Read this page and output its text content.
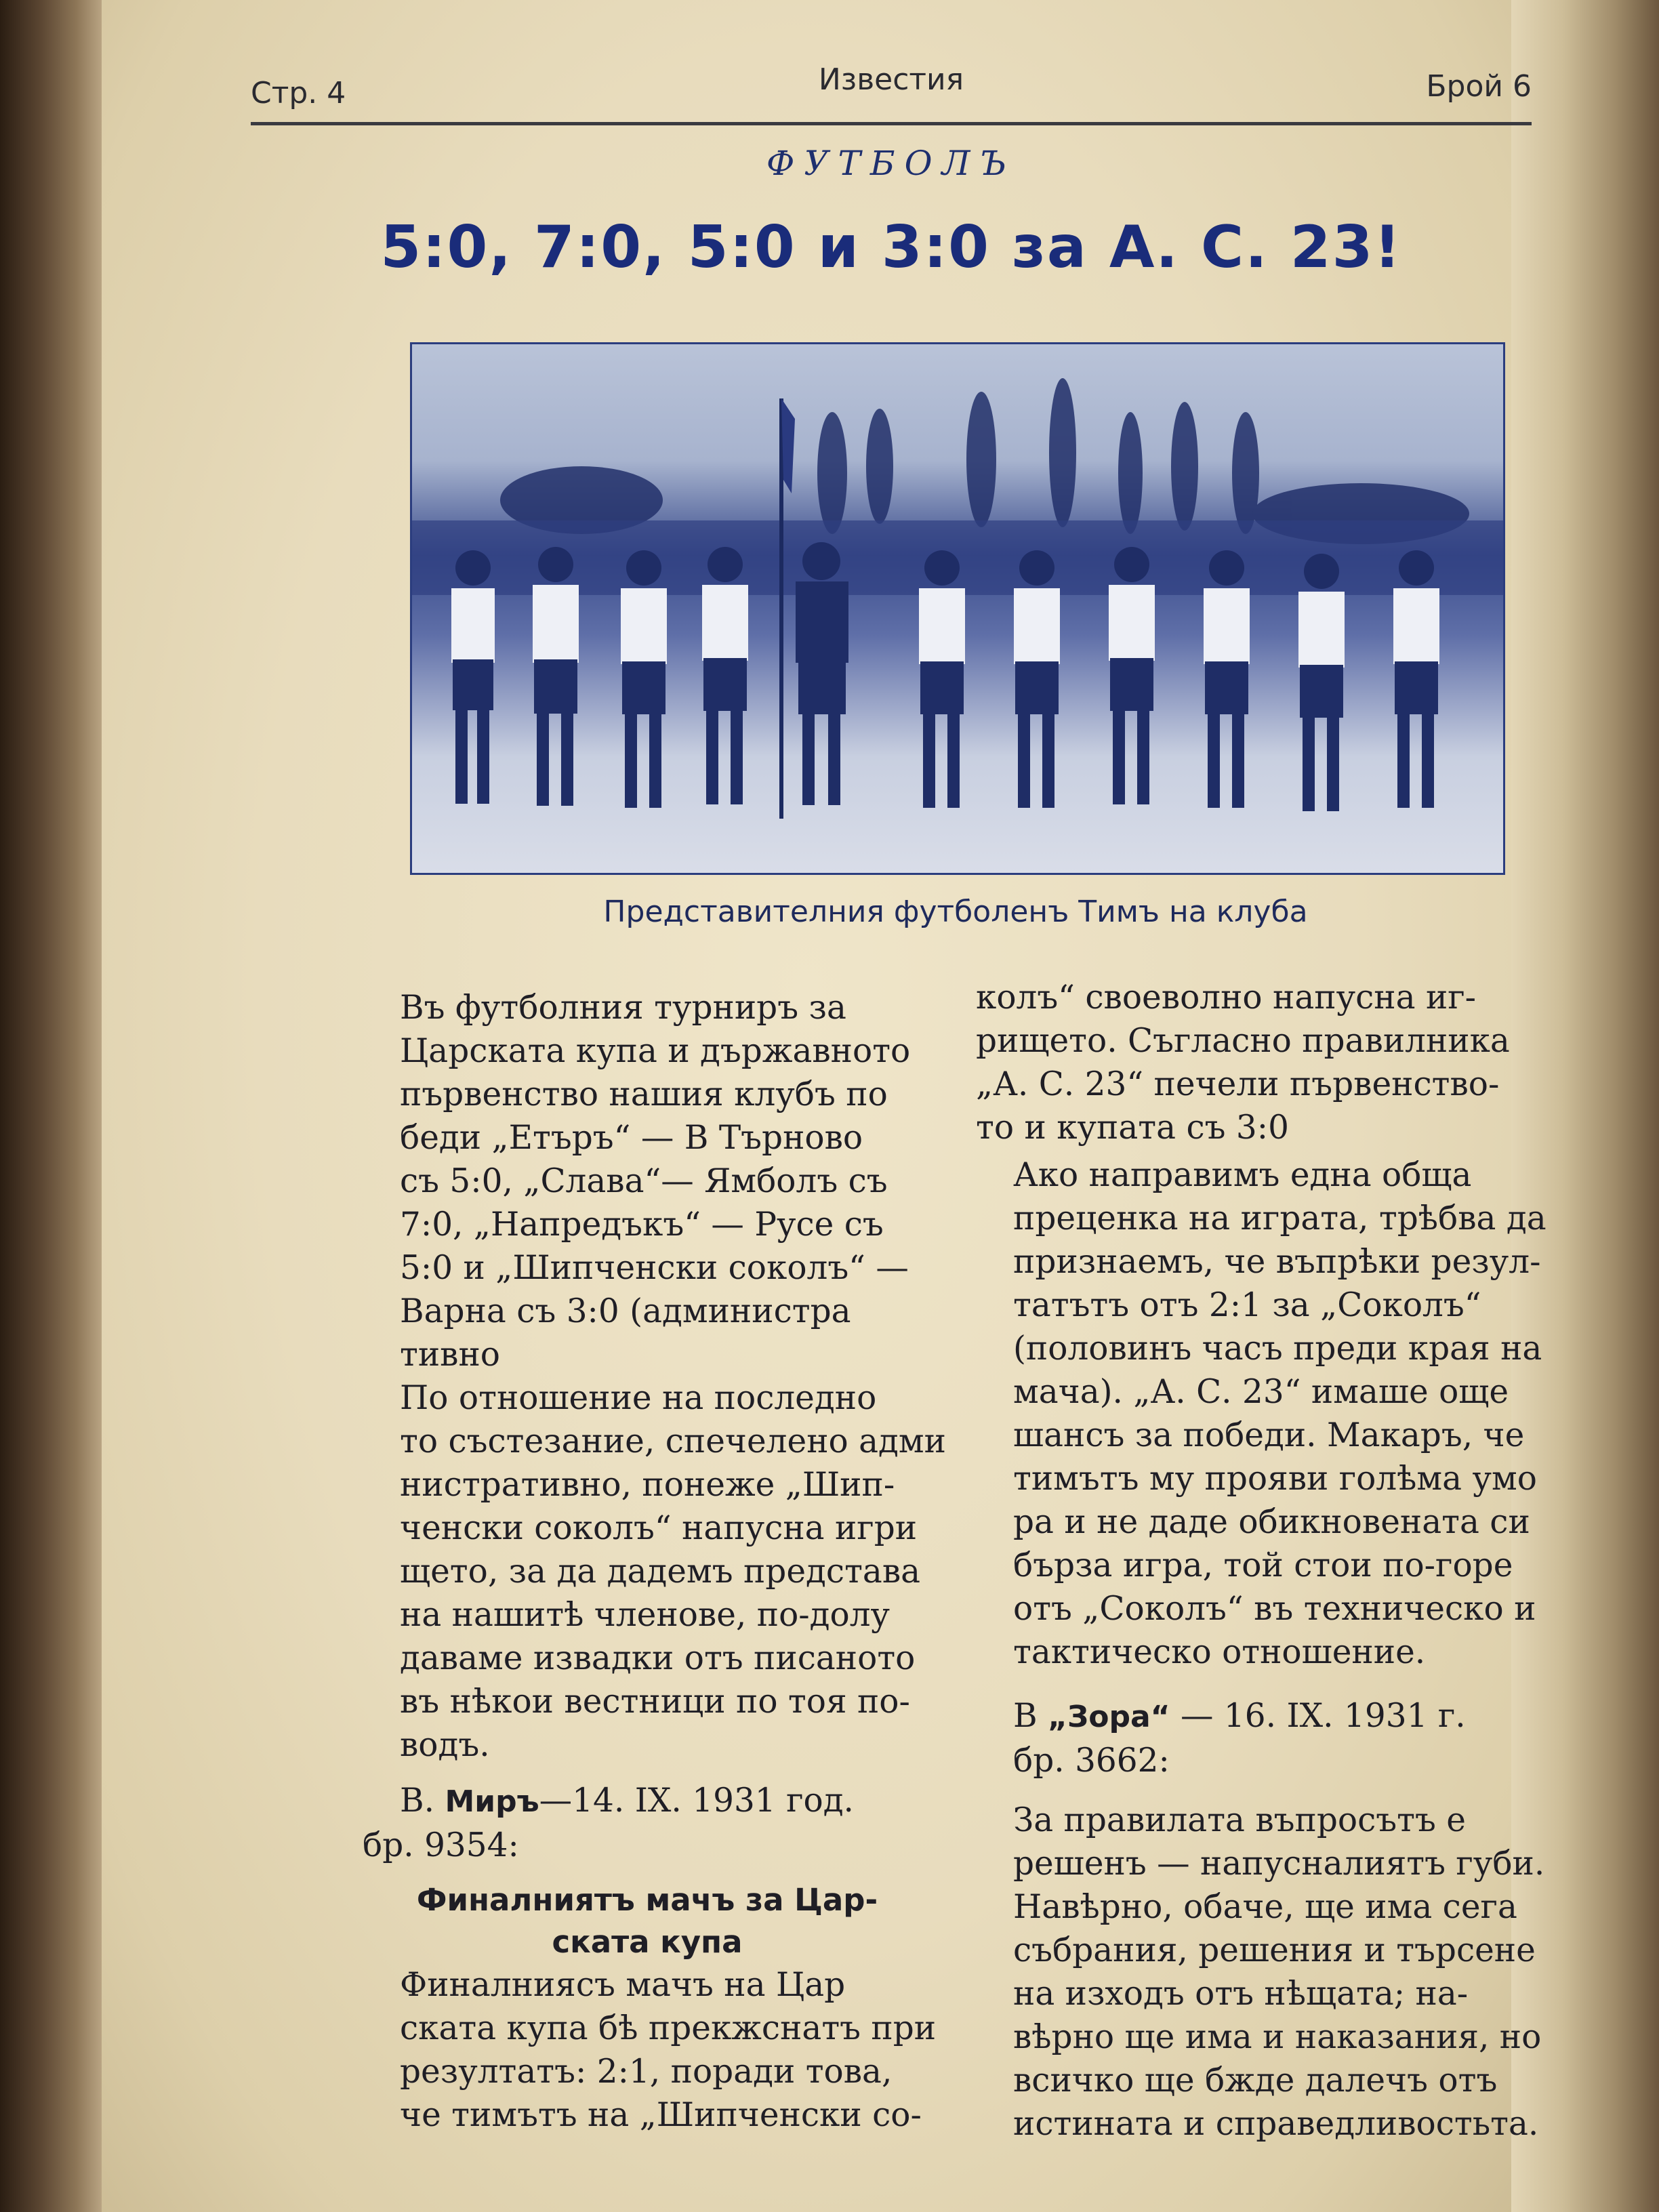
Стр. 4	Известия	Брой 6
ФУТБОЛЪ
5:0, 7:0, 5:0 и 3:0 за А. С. 23!
Представителния футболенъ Тимъ на клуба

Въ футболния турниръ за
Царската купа и държавното
първенство нашия клубъ по
беди „Етъръ“ — В Търново
съ 5:0, „Слава“— Ямболъ съ
7:0, „Напредъкъ“ — Русе съ
5:0 и „Шипченски соколъ“ —
Варна съ 3:0 (администра
тивно

По отношение на последно
то състезание, спечелено адми
нистративно, понеже „Шип-
ченски соколъ“ напусна игри
щето, за да дадемъ представа
на нашитѣ членове, по-долу
даваме извадки отъ писаното
въ нѣкои вестници по тоя по-
водъ.

В. Миръ—14. IX. 1931 год.
бр. 9354:

Финалниятъ мачъ за Цар-
ската купа

Финалниясъ мачъ на Цар
ската купа бѣ прекжснатъ при
резултатъ: 2:1, поради това,
че тимътъ на „Шипченски со-

колъ“ своеволно напусна иг-
рището. Съгласно правилника
„А. С. 23“ печели първенство-
то и купата съ 3:0

Ако направимъ една обща
преценка на играта, трѣбва да
признаемъ, че въпрѣки резул-
татътъ отъ 2:1 за „Соколъ“
(половинъ часъ преди края на
мача). „А. С. 23“ имаше още
шансъ за победи. Макаръ, че
тимътъ му прояви голѣма умо
ра и не даде обикновената си
бърза игра, той стои по-горе
отъ „Соколъ“ въ техническо и
тактическо отношение.

В „Зора“ — 16. IX. 1931 г.
бр. 3662:

За правилата въпросътъ е
решенъ — напусналиятъ губи.
Навѣрно, обаче, ще има сега
събрания, решения и търсене
на изходъ отъ нѣщата; на-
вѣрно ще има и наказания, но
всичко ще бжде далечъ отъ
истината и справедливостьта.
